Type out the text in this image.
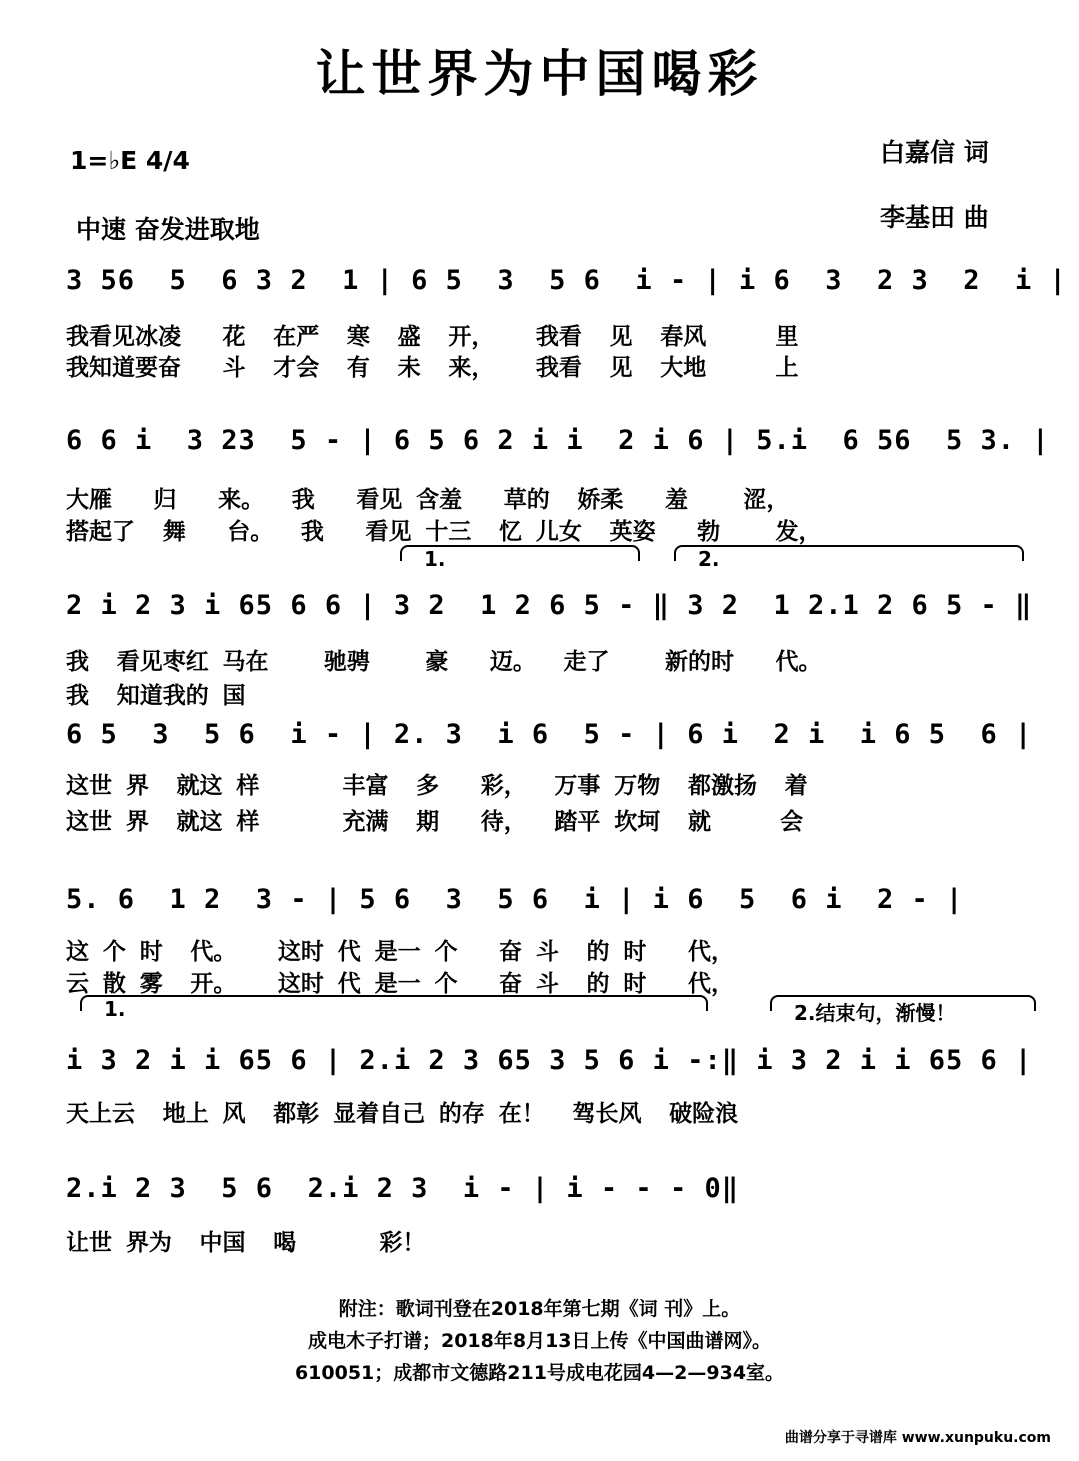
让世界为中国喝彩
1=♭E 4/4
中速 奋发进取地
白嘉信 词
李基田 曲
3 56  5  6 3 2  1 | 6 5  3  5 6  i - | i 6  3  2 3  2  i |
我看见冰凌   花  在严  寒  盛  开，   我看  见  春风     里
我知道要奋   斗  才会  有  未  来，   我看  见  大地     上
6 6 i  3 23  5 - | 6 5 6 2 i i  2 i 6 | 5.i  6 56  5 3. |
大雁   归   来。  我   看见 含羞   草的  娇柔   羞    涩，
搭起了  舞   台。  我   看见 十三  忆 儿女  英姿   勃    发，
1.	2.
2 i 2 3 i 65 6 6 | 3 2  1 2 6 5 - ‖ 3 2  1 2.1 2 6 5 - ‖
我  看见枣红 马在    驰骋    豪   迈。  走了    新的时   代。
我  知道我的 国
6 5  3  5 6  i - | 2. 3  i 6  5 - | 6 i  2 i  i 6 5  6 |
这世 界  就这 样      丰富  多   彩，  万事 万物  都激扬  着
这世 界  就这 样      充满  期   待，  踏平 坎坷  就     会
5. 6  1 2  3 - | 5 6  3  5 6  i | i 6  5  6 i  2 - |
这 个 时  代。   这时 代 是一 个   奋 斗  的 时   代，
云 散 雾  开。   这时 代 是一 个   奋 斗  的 时   代，
1.	2.结束句，渐慢！
i 3 2 i i 65 6 | 2.i 2 3 65 3 5 6 i -:‖ i 3 2 i i 65 6 |
天上云  地上 风  都彰 显着自己 的存 在！  驾长风  破险浪
2.i 2 3  5 6  2.i 2 3  i - | i - - - 0‖
让世 界为  中国  喝      彩！
附注：歌词刊登在2018年第七期《词 刊》上。
成电木子打谱；2018年8月13日上传《中国曲谱网》。
610051；成都市文德路211号成电花园4—2—934室。
曲谱分享于寻谱库 www.xunpuku.com
